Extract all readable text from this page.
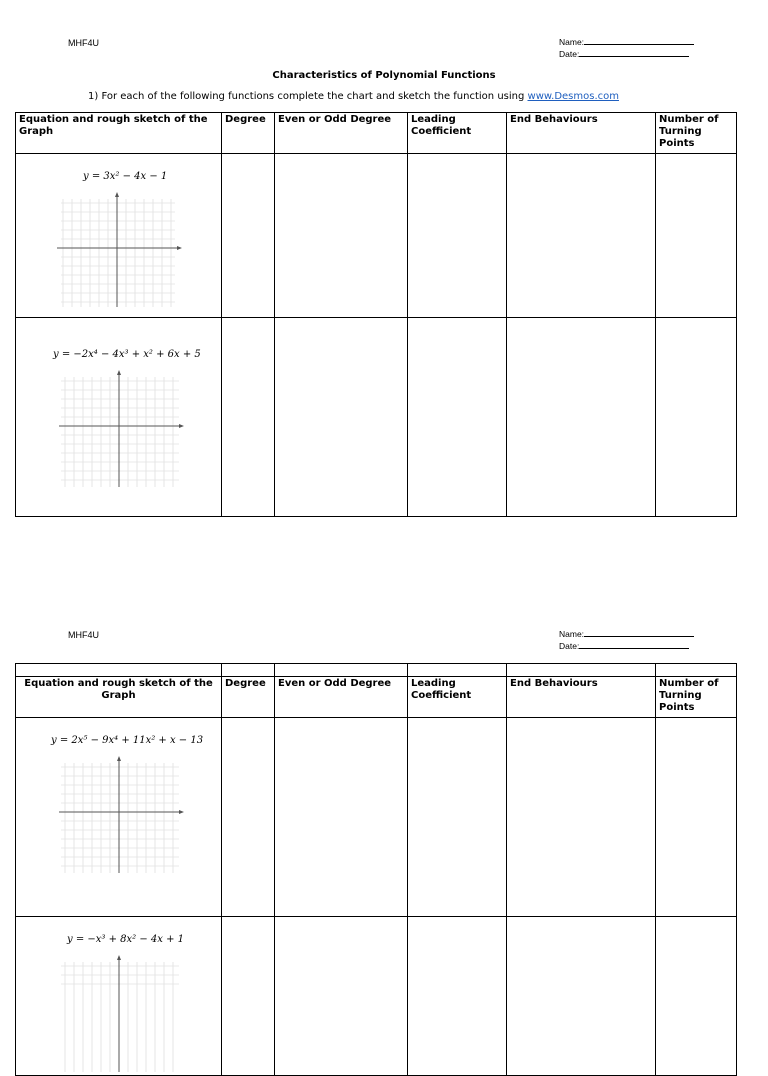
MHF4U	Name:
Date:
Characteristics of Polynomial Functions
1) For each of the following functions complete the chart and sketch the function using www.Desmos.com
Equation and rough sketch of the Graph	Degree	Even or Odd Degree	Leading Coefficient	End Behaviours	Number of Turning Points

y = 3x² − 4x − 1					

y = −2x⁴ − 4x³ + x² + 6x + 5					

MHF4U	Name:
Date:

Equation and rough sketch of the Graph	Degree	Even or Odd Degree	Leading Coefficient	End Behaviours	Number of Turning Points

y = 2x⁵ − 9x⁴ + 11x² + x − 13					

y = −x³ + 8x² − 4x + 1					
